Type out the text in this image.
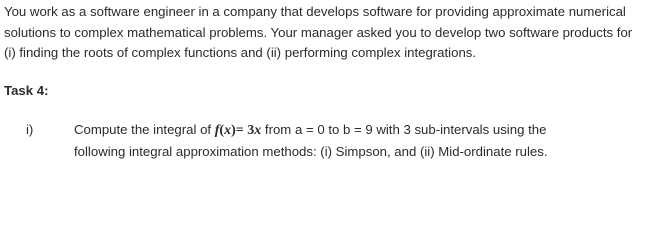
You work as a software engineer in a company that develops software for providing approximate numerical solutions to complex mathematical problems. Your manager asked you to develop two software products for (i) finding the roots of complex functions and (ii) performing complex integrations.

Task 4:
i)	Compute the integral of f(x)= 3x from a = 0 to b = 9 with 3 sub-intervals using the
following integral approximation methods: (i) Simpson, and (ii) Mid-ordinate rules.
